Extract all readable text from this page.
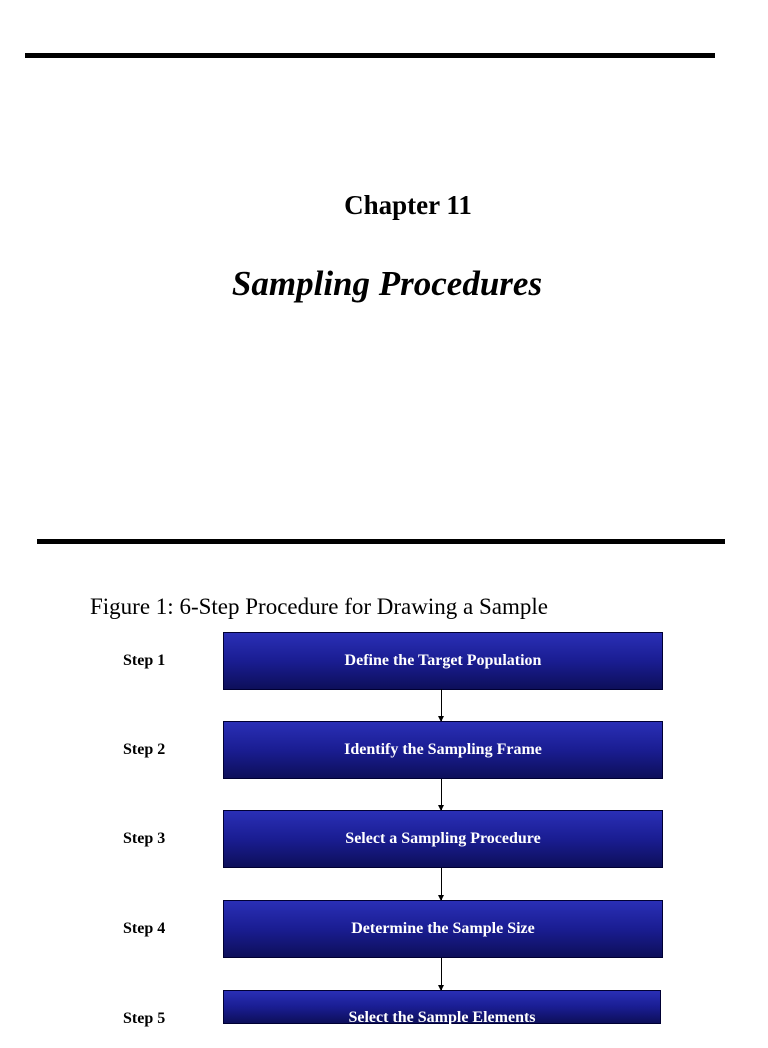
Chapter 11
Sampling Procedures
Figure 1: 6-Step Procedure for Drawing a Sample
Step 1	Define the Target Population
Step 2	Identify the Sampling Frame
Step 3	Select a Sampling Procedure
Step 4	Determine the Sample Size
Step 5	Select the Sample Elements
